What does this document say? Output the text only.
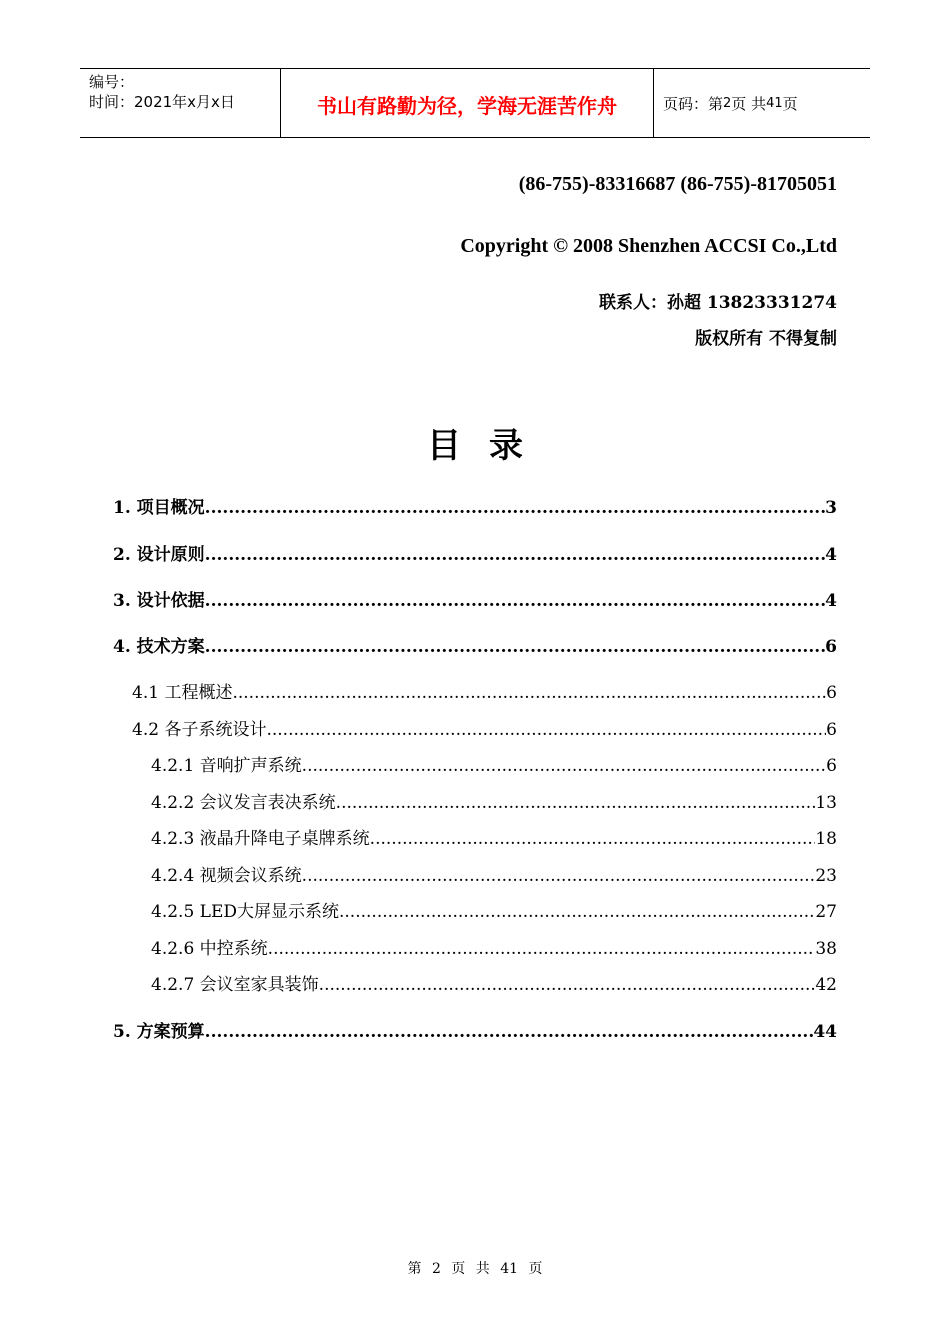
编号：
时间：2021年x月x日	书山有路勤为径，学海无涯苦作舟	页码：第 2 页 共 41 页
(86-755)-83316687 (86-755)-81705051
Copyright © 2008 Shenzhen ACCSI Co.,Ltd
联系人：孙超 13823331274
版权所有 不得复制
目录
1. 项目概况 .....	3
2. 设计原则 .....	4
3. 设计依据 .....	4
4. 技术方案 .....	6
4.1 工程概述 .....	6
4.2 各子系统设计 .....	6
4.2.1 音响扩声系统 .....	6
4.2.2 会议发言表决系统 .....	13
4.2.3 液晶升降电子桌牌系统 .....	18
4.2.4 视频会议系统 .....	23
4.2.5 LED大屏显示系统 .....	27
4.2.6 中控系统 .....	38
4.2.7 会议室家具装饰 .....	42
5. 方案预算 .....	44
第 2 页 共 41 页
